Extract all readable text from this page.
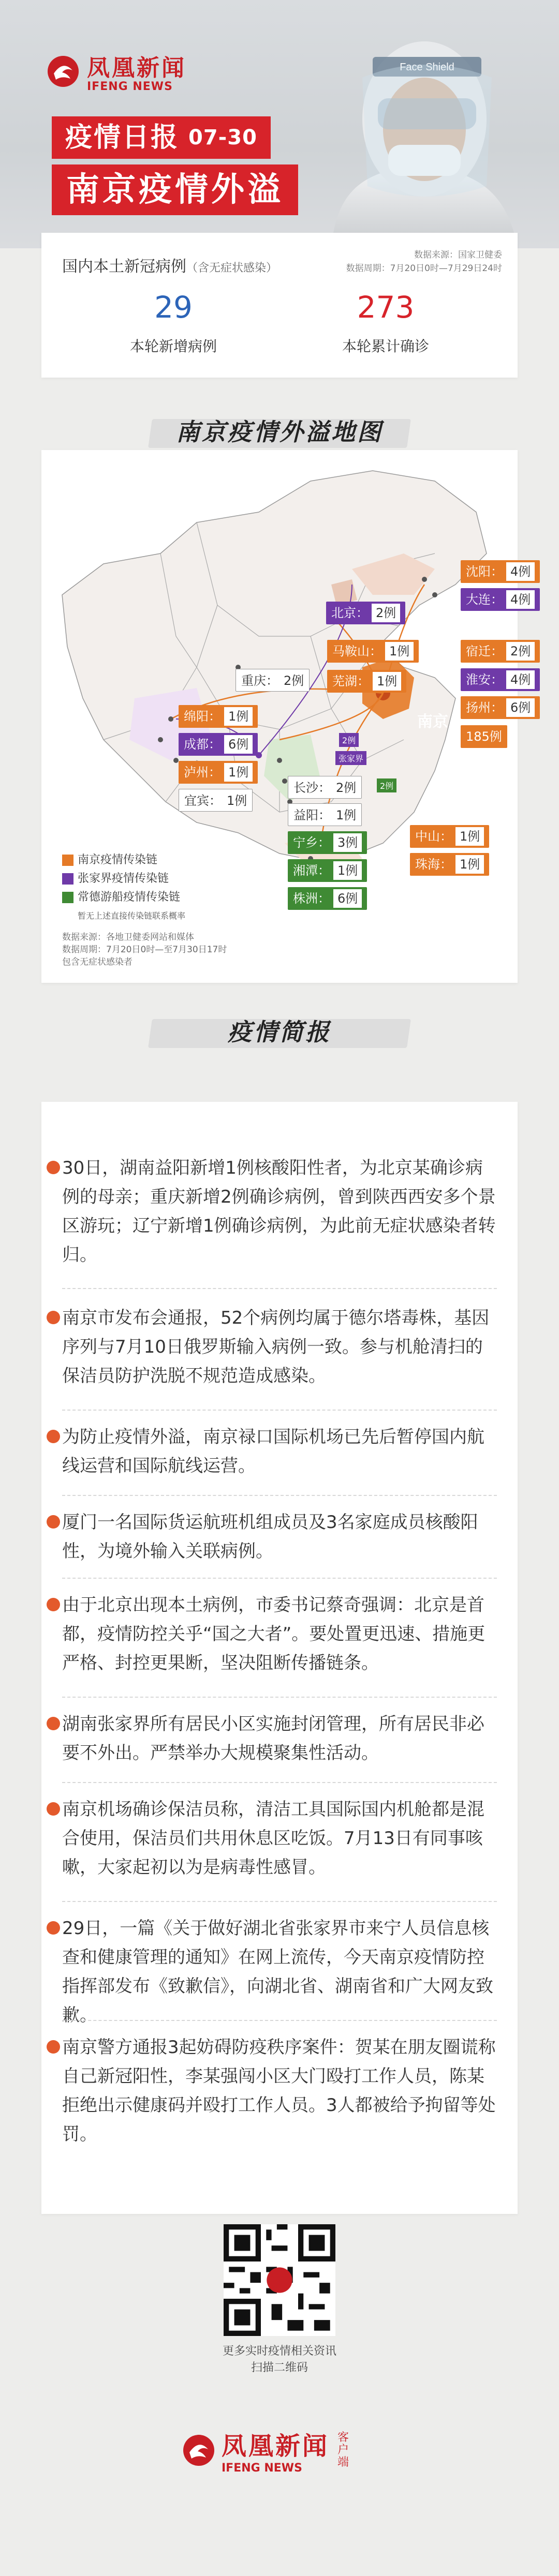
Face Shield
凤凰新闻
IFENG NEWS
疫情日报 07-30
南京疫情外溢
国内本土新冠病例（含无症状感染）
数据来源：国家卫健委
数据周期：7月20日0时—7月29日24时
29
本轮新增病例
273
本轮累计确诊
南京疫情外溢地图
沈阳： 4例
大连： 4例
北京： 2例
马鞍山： 1例	宿迁： 2例
芜湖： 1例	淮安： 4例
重庆： 2例
扬州： 6例
南京
绵阳： 1例
185例
成都： 6例
泸州： 1例
宜宾： 1例
2例
张家界
2例
长沙： 2例
益阳： 1例
宁乡： 3例	中山： 1例
湘潭： 1例	珠海： 1例
株洲： 6例
南京疫情传染链
张家界疫情传染链
常德游船疫情传染链
暂无上述直接传染链联系概率
数据来源：各地卫健委网站和媒体
数据周期：7月20日0时—至7月30日17时
包含无症状感染者
疫情简报
30日，湖南益阳新增1例核酸阳性者，为北京某确诊病例的母亲；重庆新增2例确诊病例，曾到陕西西安多个景区游玩；辽宁新增1例确诊病例，为此前无症状感染者转归。
南京市发布会通报，52个病例均属于德尔塔毒株，基因序列与7月10日俄罗斯输入病例一致。参与机舱清扫的保洁员防护洗脱不规范造成感染。
为防止疫情外溢，南京禄口国际机场已先后暂停国内航线运营和国际航线运营。
厦门一名国际货运航班机组成员及3名家庭成员核酸阳性，为境外输入关联病例。
由于北京出现本土病例，市委书记蔡奇强调：北京是首都，疫情防控关乎“国之大者”。要处置更迅速、措施更严格、封控更果断，坚决阻断传播链条。
湖南张家界所有居民小区实施封闭管理，所有居民非必要不外出。严禁举办大规模聚集性活动。
南京机场确诊保洁员称，清洁工具国际国内机舱都是混合使用，保洁员们共用休息区吃饭。7月13日有同事咳嗽，大家起初以为是病毒性感冒。
29日，一篇《关于做好湖北省张家界市来宁人员信息核查和健康管理的通知》在网上流传，今天南京疫情防控指挥部发布《致歉信》，向湖北省、湖南省和广大网友致歉。
南京警方通报3起妨碍防疫秩序案件：贺某在朋友圈谎称自己新冠阳性，李某强闯小区大门殴打工作人员，陈某拒绝出示健康码并殴打工作人员。3人都被给予拘留等处罚。
更多实时疫情相关资讯
扫描二维码
凤凰新闻
IFENG NEWS
客户端
